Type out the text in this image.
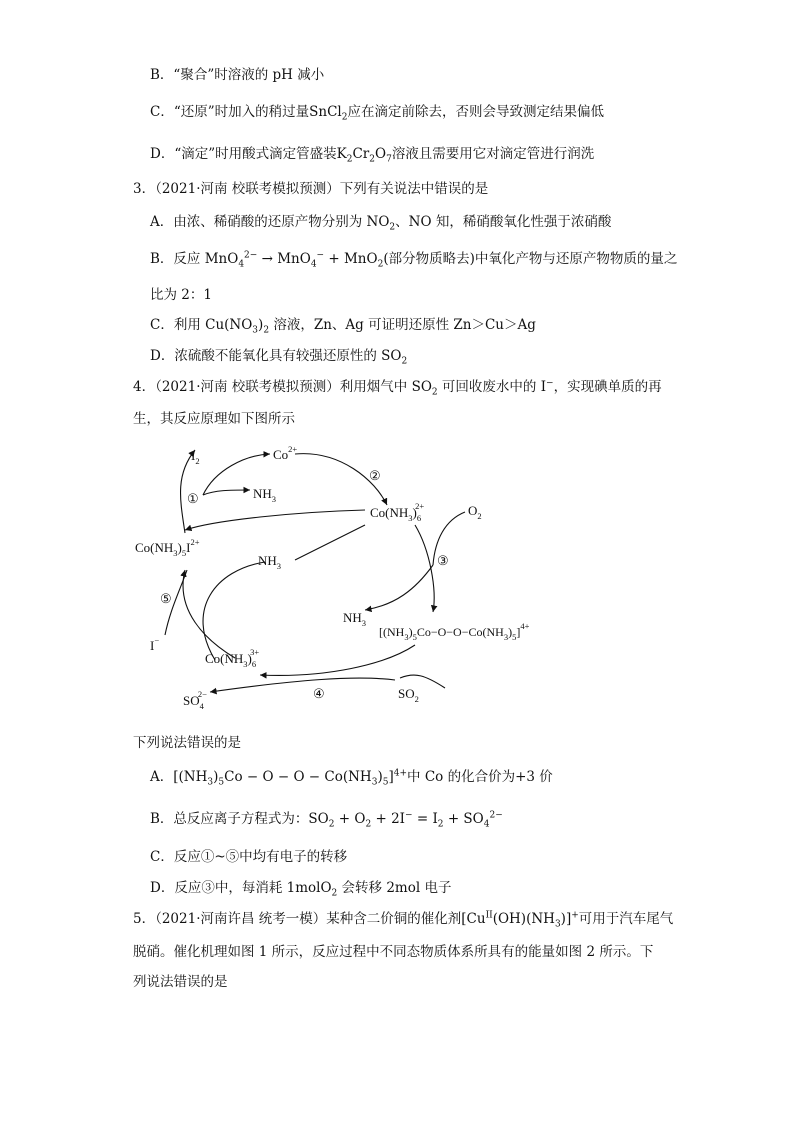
B．“聚合”时溶液的 pH 减小
C．“还原”时加入的稍过量SnCl$_2$应在滴定前除去，否则会导致测定结果偏低
D．“滴定”时用酸式滴定管盛装$K_2Cr_2O_7$溶液且需要用它对滴定管进行润洗
3．（2021·河南 校联考模拟预测）下列有关说法中错误的是
A．由浓、稀硝酸的还原产物分别为 $NO_2$、NO 知，稀硝酸氧化性强于浓硝酸
B．反应 MnO$_4^{2-}$ → MnO$_4$− + MnO$_2$(部分物质略去)中氧化产物与还原产物物质的量之
比为 2：1
C．利用 $Cu(NO_3)_2$ 溶液，Zn、Ag 可证明还原性 Zn＞Cu＞Ag
D．浓硫酸不能氧化具有较强还原性的 $SO_2$
4．（2021·河南 校联考模拟预测）利用烟气中 $SO_2$ 可回收废水中的 I−，实现碘单质的再
生，其反应原理如下图所示
$I_2$	$Co^{2+}$
$NH_3$
$Co(NH_3)_62+$	$O_2$
$Co(NH_3)_5I^{2+}$
$NH_3$
$NH_3$
$[(NH_3)_5Co-O-O-Co(NH_3)_5]^{4+}$
I−
$Co(NH_3)_63+$
$SO_42-$	$SO_2$
①
②
③
④
⑤
下列说法错误的是
A．$[(NH_3)_5Co - O - O - Co(NH_3)_5]^{4+}$中 Co 的化合价为+3 价
B．总反应离子方程式为：$SO_2 + O_2 + 2I^- = I_2 + SO_4^{2-}$
C．反应①~⑤中均有电子的转移
D．反应③中，每消耗 1molO$_2$ 会转移 2mol 电子
5．（2021·河南许昌 统考一模）某种含二价铜的催化剂$[Cu^{II}(OH)(NH_3)]^+$可用于汽车尾气
脱硝。催化机理如图 1 所示，反应过程中不同态物质体系所具有的能量如图 2 所示。下
列说法错误的是
